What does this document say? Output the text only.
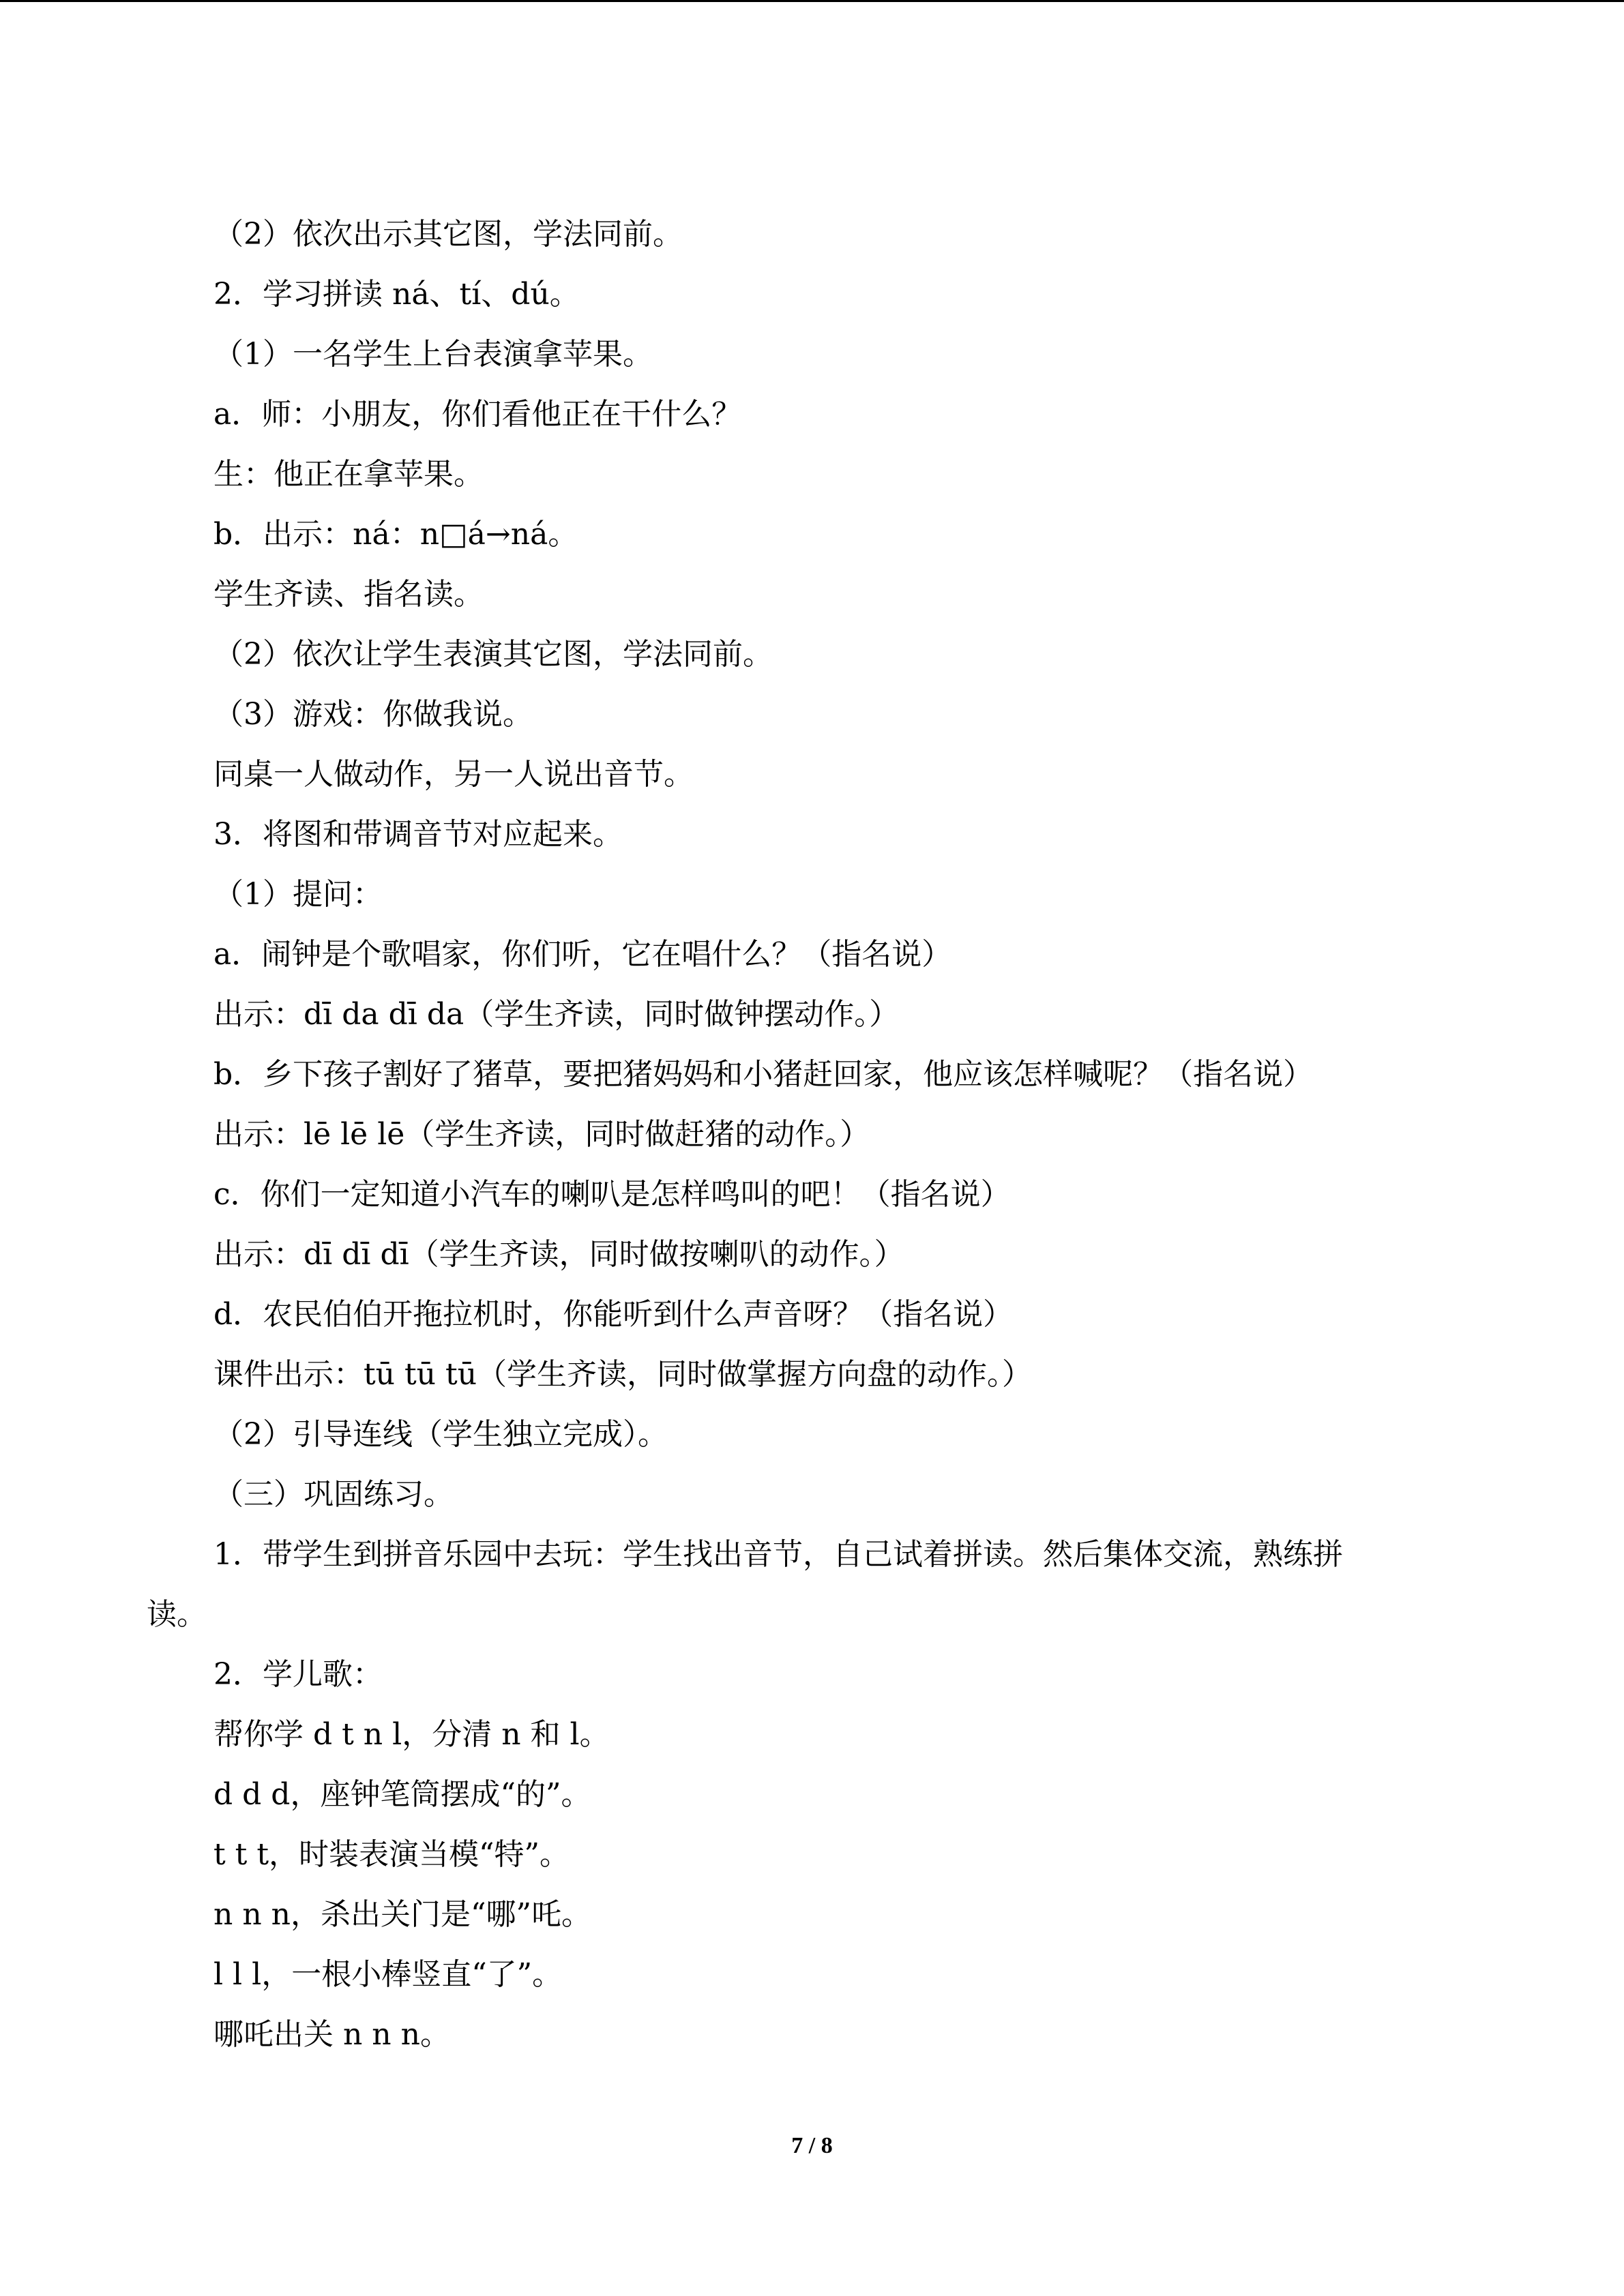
（2）依次出示其它图，学法同前。
2．学习拼读 ná、tí、dú。
（1）一名学生上台表演拿苹果。
a．师：小朋友，你们看他正在干什么？
生：他正在拿苹果。
b．出示：ná：n□á→ná。
学生齐读、指名读。
（2）依次让学生表演其它图，学法同前。
（3）游戏：你做我说。
同桌一人做动作，另一人说出音节。
3．将图和带调音节对应起来。
（1）提问：
a．闹钟是个歌唱家，你们听，它在唱什么？（指名说）
出示：dī da dī da（学生齐读，同时做钟摆动作。）
b．乡下孩子割好了猪草，要把猪妈妈和小猪赶回家，他应该怎样喊呢？（指名说）
出示：lē lē lē（学生齐读，同时做赶猪的动作。）
c．你们一定知道小汽车的喇叭是怎样鸣叫的吧！（指名说）
出示：dī dī dī（学生齐读，同时做按喇叭的动作。）
d．农民伯伯开拖拉机时，你能听到什么声音呀？（指名说）
课件出示：tū tū tū（学生齐读，同时做掌握方向盘的动作。）
（2）引导连线（学生独立完成）。
（三）巩固练习。
1．带学生到拼音乐园中去玩：学生找出音节，自己试着拼读。然后集体交流，熟练拼
读。
2．学儿歌：
帮你学 d t n l，分清 n 和 l。
d d d，座钟笔筒摆成“的”。
t t t，时装表演当模“特”。
n n n，杀出关门是“哪”吒。
l l l，一根小棒竖直“了”。
哪吒出关 n n n。
7 / 8
